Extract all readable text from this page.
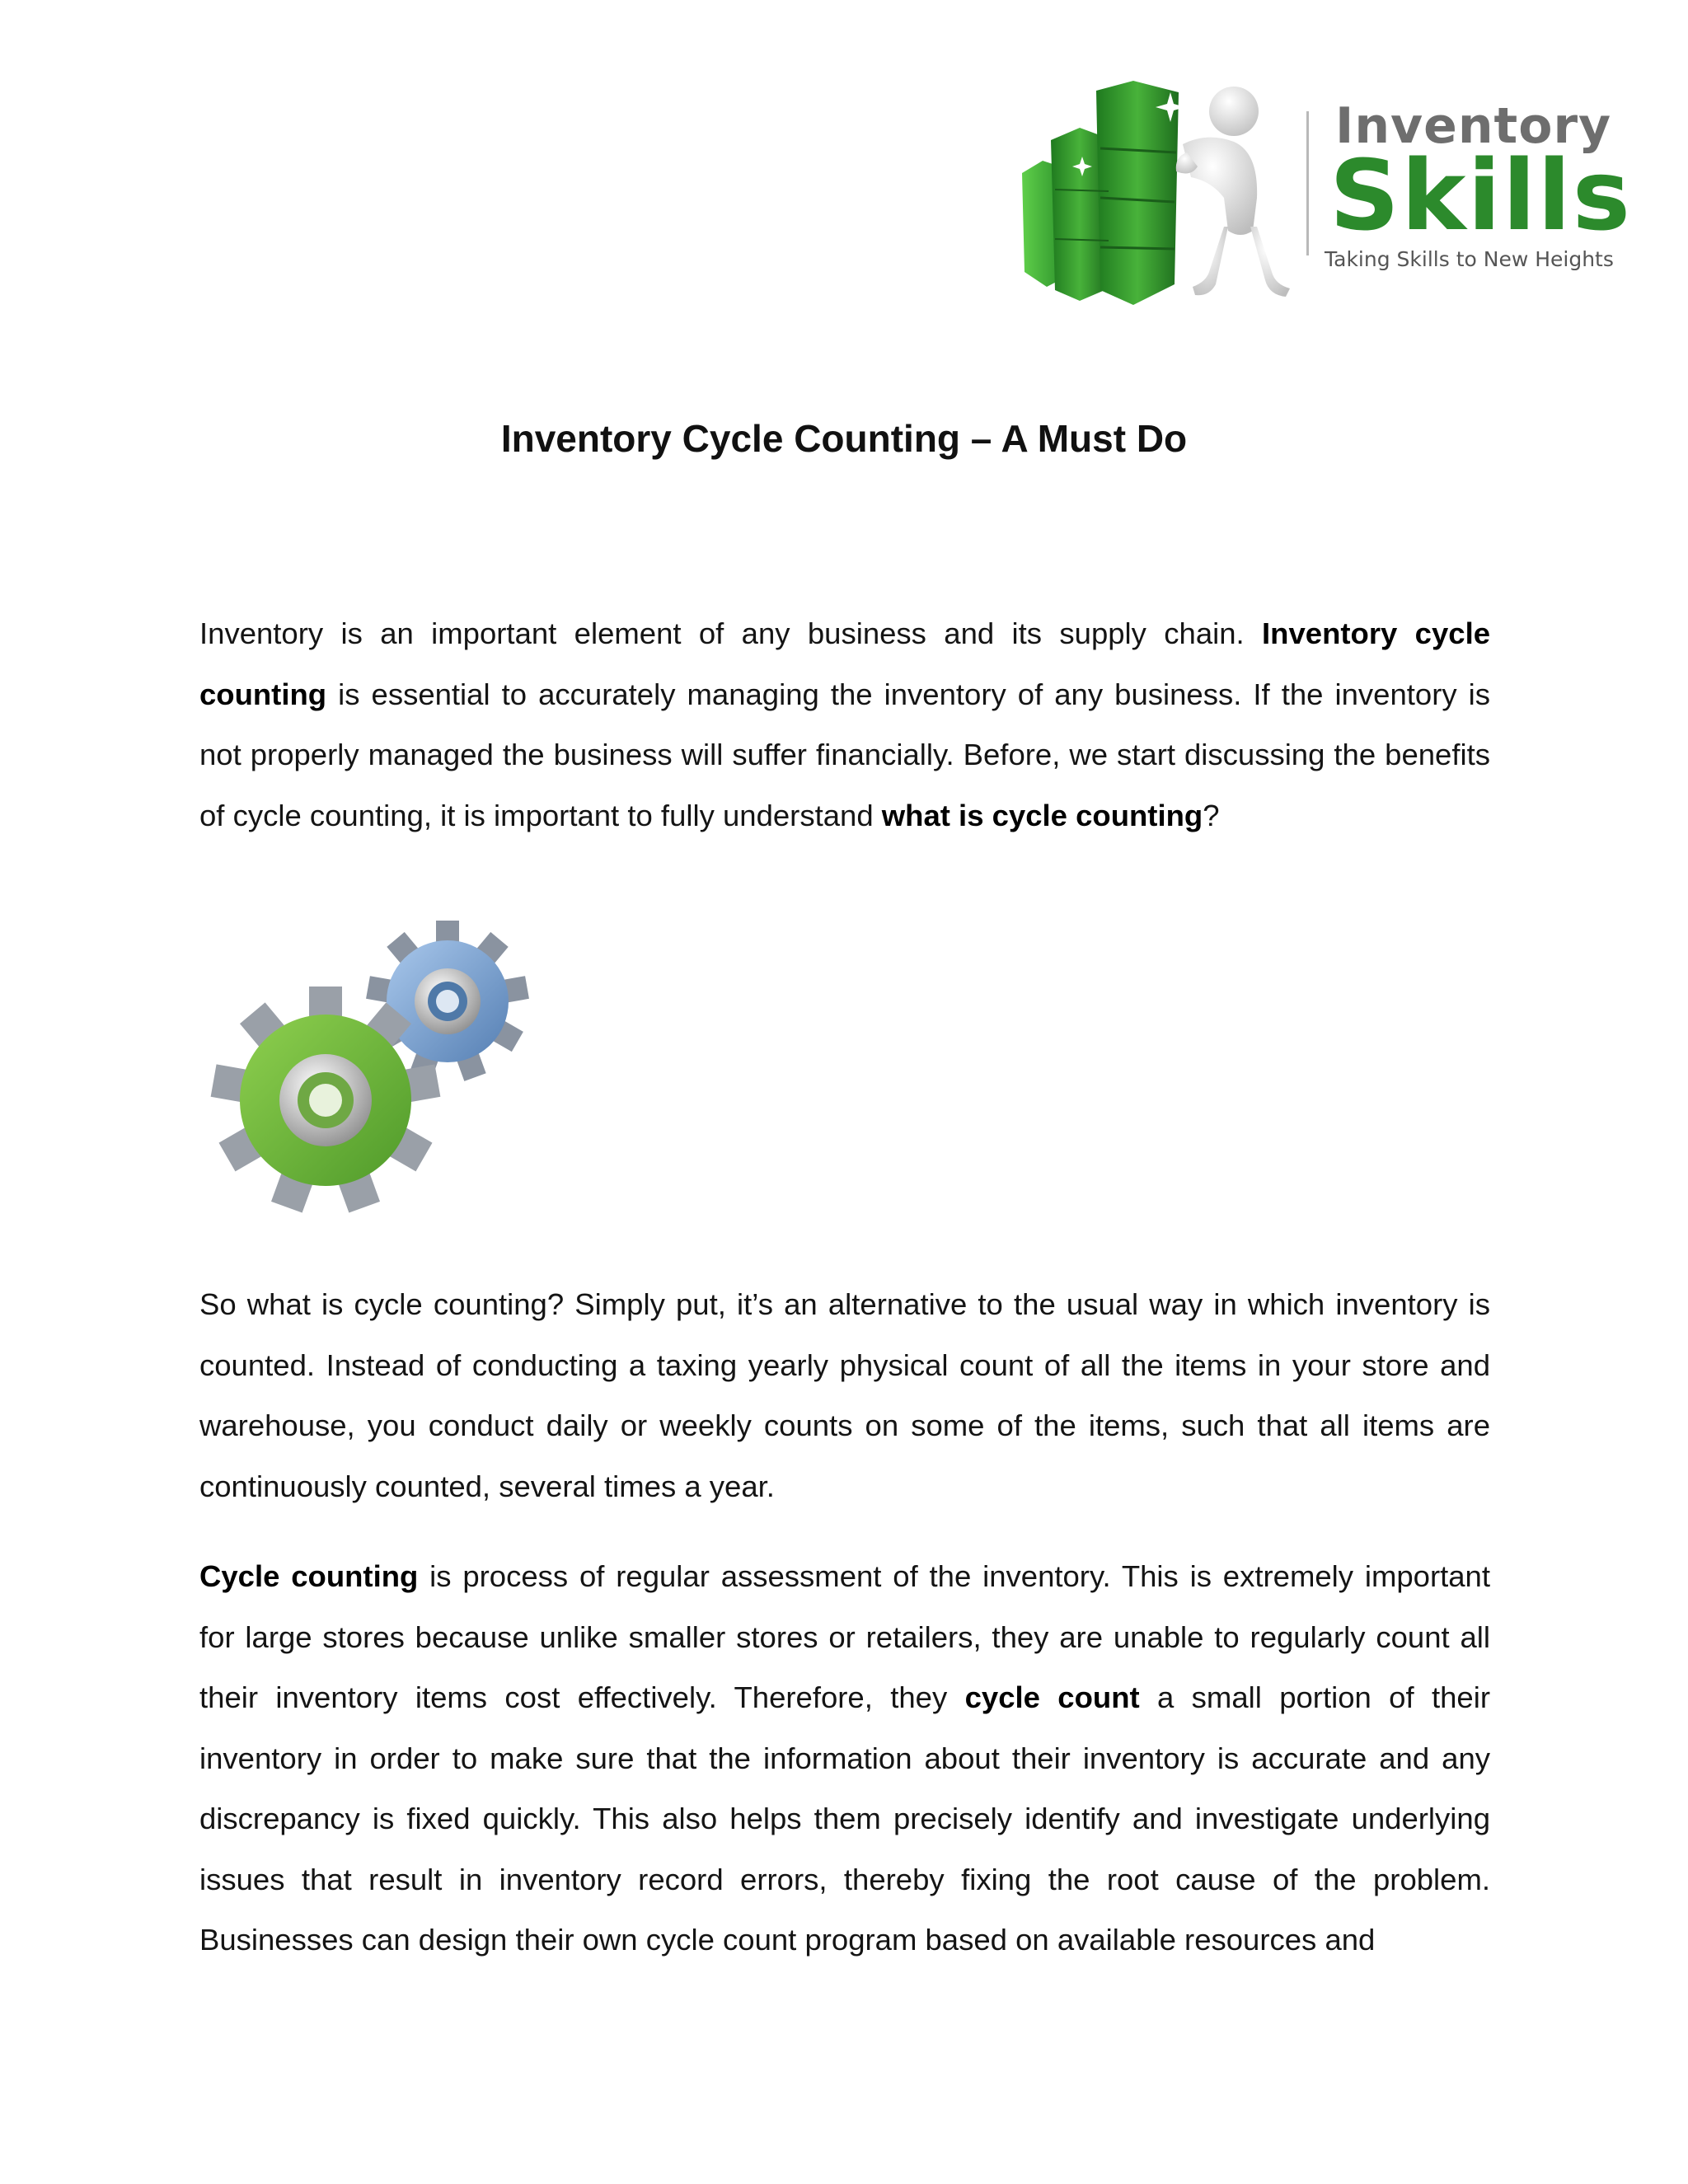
Inventory
Skills
Taking Skills to New Heights
Inventory Cycle Counting – A Must Do

Inventory is an important element of any business and its supply chain. Inventory cycle counting is essential to accurately managing the inventory of any business. If the inventory is not properly managed the business will suffer financially. Before, we start discussing the benefits of cycle counting, it is important to fully understand what is cycle counting?

So what is cycle counting? Simply put, it’s an alternative to the usual way in which inventory is counted. Instead of conducting a taxing yearly physical count of all the items in your store and warehouse, you conduct daily or weekly counts on some of the items, such that all items are continuously counted, several times a year.

Cycle counting is process of regular assessment of the inventory. This is extremely important for large stores because unlike smaller stores or retailers, they are unable to regularly count all their inventory items cost effectively. Therefore, they cycle count a small portion of their inventory in order to make sure that the information about their inventory is accurate and any discrepancy is fixed quickly. This also helps them precisely identify and investigate underlying issues that result in inventory record errors, thereby fixing the root cause of the problem. Businesses can design their own cycle count program based on available resources and
